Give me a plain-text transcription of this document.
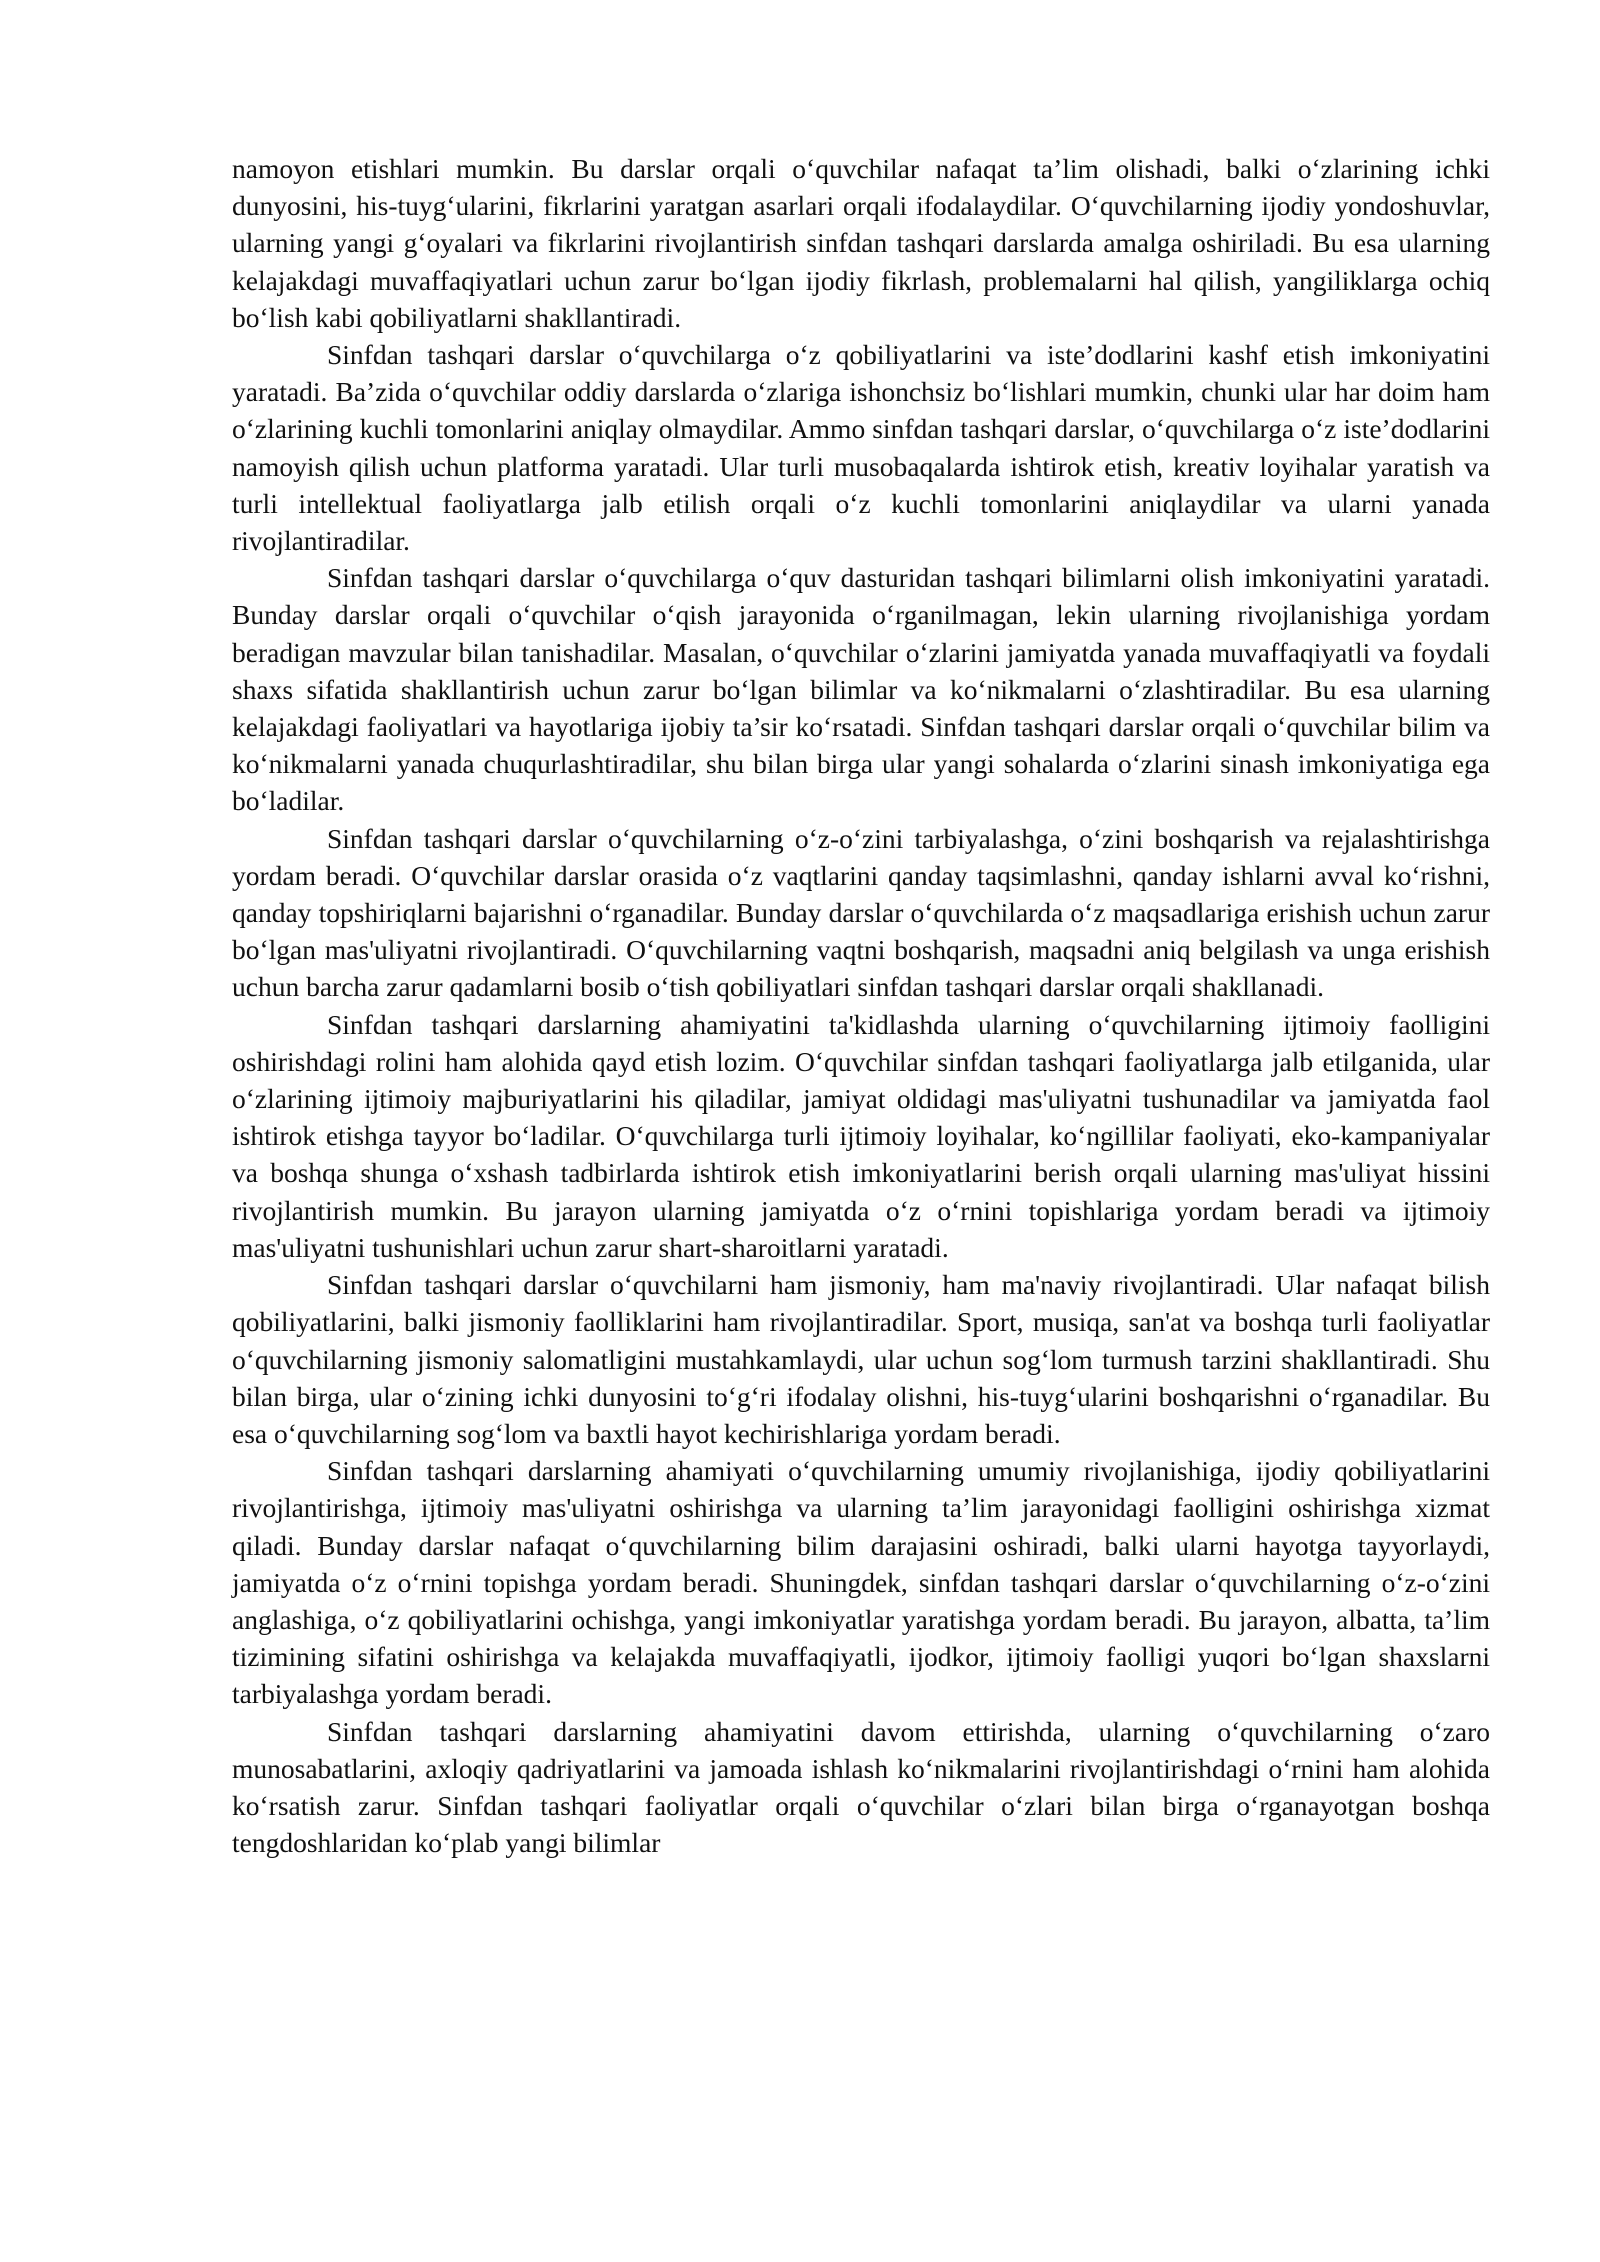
namoyon etishlari mumkin. Bu darslar orqali o‘quvchilar nafaqat ta’lim olishadi, balki o‘zlarining ichki dunyosini, his-tuyg‘ularini, fikrlarini yaratgan asarlari orqali ifodalaydilar. O‘quvchilarning ijodiy yondoshuvlar, ularning yangi g‘oyalari va fikrlarini rivojlantirish sinfdan tashqari darslarda amalga oshiriladi. Bu esa ularning kelajakdagi muvaffaqiyatlari uchun zarur bo‘lgan ijodiy fikrlash, problemalarni hal qilish, yangiliklarga ochiq bo‘lish kabi qobiliyatlarni shakllantiradi.

Sinfdan tashqari darslar o‘quvchilarga o‘z qobiliyatlarini va iste’dodlarini kashf etish imkoniyatini yaratadi. Ba’zida o‘quvchilar oddiy darslarda o‘zlariga ishonchsiz bo‘lishlari mumkin, chunki ular har doim ham o‘zlarining kuchli tomonlarini aniqlay olmaydilar. Ammo sinfdan tashqari darslar, o‘quvchilarga o‘z iste’dodlarini namoyish qilish uchun platforma yaratadi. Ular turli musobaqalarda ishtirok etish, kreativ loyihalar yaratish va turli intellektual faoliyatlarga jalb etilish orqali o‘z kuchli tomonlarini aniqlaydilar va ularni yanada rivojlantiradilar.

Sinfdan tashqari darslar o‘quvchilarga o‘quv dasturidan tashqari bilimlarni olish imkoniyatini yaratadi. Bunday darslar orqali o‘quvchilar o‘qish jarayonida o‘rganilmagan, lekin ularning rivojlanishiga yordam beradigan mavzular bilan tanishadilar. Masalan, o‘quvchilar o‘zlarini jamiyatda yanada muvaffaqiyatli va foydali shaxs sifatida shakllantirish uchun zarur bo‘lgan bilimlar va ko‘nikmalarni o‘zlashtiradilar. Bu esa ularning kelajakdagi faoliyatlari va hayotlariga ijobiy ta’sir ko‘rsatadi. Sinfdan tashqari darslar orqali o‘quvchilar bilim va ko‘nikmalarni yanada chuqurlashtiradilar, shu bilan birga ular yangi sohalarda o‘zlarini sinash imkoniyatiga ega bo‘ladilar.

Sinfdan tashqari darslar o‘quvchilarning o‘z-o‘zini tarbiyalashga, o‘zini boshqarish va rejalashtirishga yordam beradi. O‘quvchilar darslar orasida o‘z vaqtlarini qanday taqsimlashni, qanday ishlarni avval ko‘rishni, qanday topshiriqlarni bajarishni o‘rganadilar. Bunday darslar o‘quvchilarda o‘z maqsadlariga erishish uchun zarur bo‘lgan mas'uliyatni rivojlantiradi. O‘quvchilarning vaqtni boshqarish, maqsadni aniq belgilash va unga erishish uchun barcha zarur qadamlarni bosib o‘tish qobiliyatlari sinfdan tashqari darslar orqali shakllanadi.

Sinfdan tashqari darslarning ahamiyatini ta'kidlashda ularning o‘quvchilarning ijtimoiy faolligini oshirishdagi rolini ham alohida qayd etish lozim. O‘quvchilar sinfdan tashqari faoliyatlarga jalb etilganida, ular o‘zlarining ijtimoiy majburiyatlarini his qiladilar, jamiyat oldidagi mas'uliyatni tushunadilar va jamiyatda faol ishtirok etishga tayyor bo‘ladilar. O‘quvchilarga turli ijtimoiy loyihalar, ko‘ngillilar faoliyati, eko-kampaniyalar va boshqa shunga o‘xshash tadbirlarda ishtirok etish imkoniyatlarini berish orqali ularning mas'uliyat hissini rivojlantirish mumkin. Bu jarayon ularning jamiyatda o‘z o‘rnini topishlariga yordam beradi va ijtimoiy mas'uliyatni tushunishlari uchun zarur shart-sharoitlarni yaratadi.

Sinfdan tashqari darslar o‘quvchilarni ham jismoniy, ham ma'naviy rivojlantiradi. Ular nafaqat bilish qobiliyatlarini, balki jismoniy faolliklarini ham rivojlantiradilar. Sport, musiqa, san'at va boshqa turli faoliyatlar o‘quvchilarning jismoniy salomatligini mustahkamlaydi, ular uchun sog‘lom turmush tarzini shakllantiradi. Shu bilan birga, ular o‘zining ichki dunyosini to‘g‘ri ifodalay olishni, his-tuyg‘ularini boshqarishni o‘rganadilar. Bu esa o‘quvchilarning sog‘lom va baxtli hayot kechirishlariga yordam beradi.

Sinfdan tashqari darslarning ahamiyati o‘quvchilarning umumiy rivojlanishiga, ijodiy qobiliyatlarini rivojlantirishga, ijtimoiy mas'uliyatni oshirishga va ularning ta’lim jarayonidagi faolligini oshirishga xizmat qiladi. Bunday darslar nafaqat o‘quvchilarning bilim darajasini oshiradi, balki ularni hayotga tayyorlaydi, jamiyatda o‘z o‘rnini topishga yordam beradi. Shuningdek, sinfdan tashqari darslar o‘quvchilarning o‘z-o‘zini anglashiga, o‘z qobiliyatlarini ochishga, yangi imkoniyatlar yaratishga yordam beradi. Bu jarayon, albatta, ta’lim tizimining sifatini oshirishga va kelajakda muvaffaqiyatli, ijodkor, ijtimoiy faolligi yuqori bo‘lgan shaxslarni tarbiyalashga yordam beradi.

Sinfdan tashqari darslarning ahamiyatini davom ettirishda, ularning o‘quvchilarning o‘zaro munosabatlarini, axloqiy qadriyatlarini va jamoada ishlash ko‘nikmalarini rivojlantirishdagi o‘rnini ham alohida ko‘rsatish zarur. Sinfdan tashqari faoliyatlar orqali o‘quvchilar o‘zlari bilan birga o‘rganayotgan boshqa tengdoshlaridan ko‘plab yangi bilimlar
